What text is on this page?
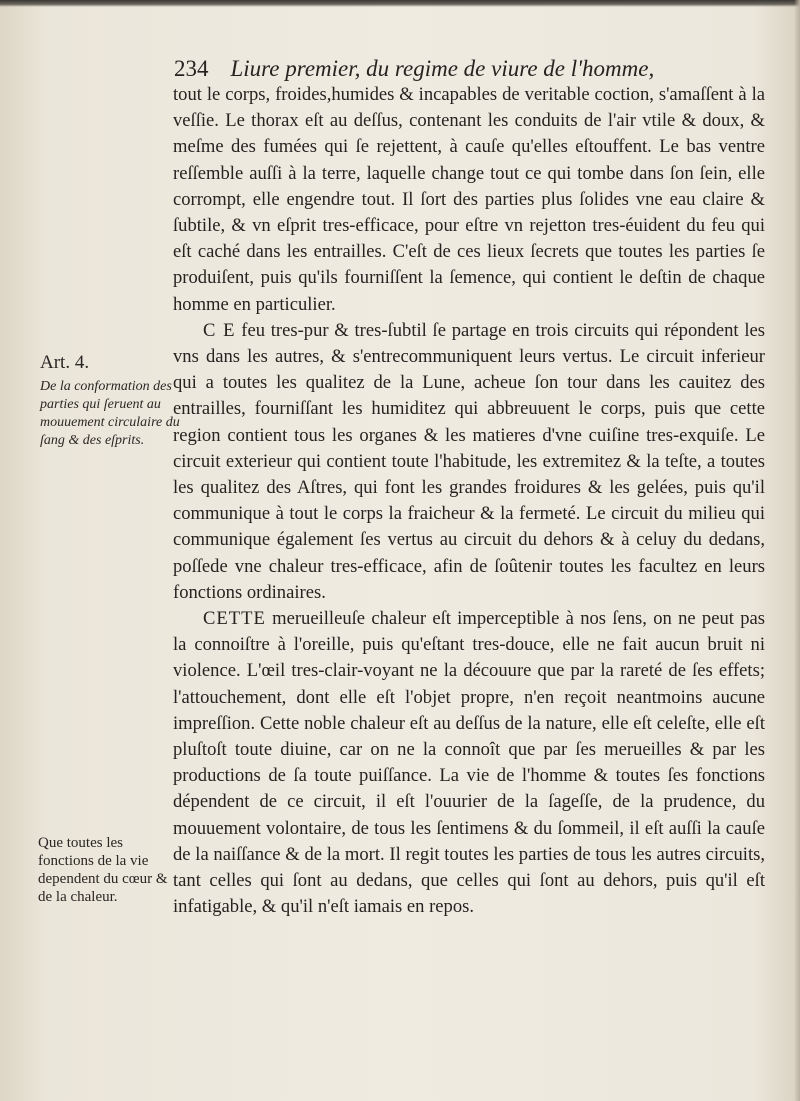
234 Liure premier, du regime de viure de l'homme,
Art. 4.
De la conformation des parties qui ſeruent au mouuement circulaire du ſang & des eſprits.
Que toutes les fonctions de la vie dependent du cœur & de la chaleur.

tout le corps, froides,humides & incapables de veritable coction, s'amaſſent à la veſſie. Le thorax eſt au deſſus, contenant les conduits de l'air vtile & doux, & meſme des fumées qui ſe rejettent, à cauſe qu'elles eſtouffent. Le bas ventre reſſemble auſſi à la terre, laquelle change tout ce qui tombe dans ſon ſein, elle corrompt, elle engendre tout. Il ſort des parties plus ſolides vne eau claire & ſubtile, & vn eſprit tres-efficace, pour eſtre vn rejetton tres-éuident du feu qui eſt caché dans les entrailles. C'eſt de ces lieux ſecrets que toutes les parties ſe produiſent, puis qu'ils fourniſſent la ſemence, qui contient le deſtin de chaque homme en particulier.

C E feu tres-pur & tres-ſubtil ſe partage en trois circuits qui répondent les vns dans les autres, & s'entrecommuniquent leurs vertus. Le circuit inferieur qui a toutes les qualitez de la Lune, acheue ſon tour dans les cauitez des entrailles, fourniſſant les humiditez qui abbreuuent le corps, puis que cette region contient tous les organes & les matieres d'vne cuiſine tres-exquiſe. Le circuit exterieur qui contient toute l'habitude, les extremitez & la teſte, a toutes les qualitez des Aſtres, qui font les grandes froidures & les gelées, puis qu'il communique à tout le corps la fraicheur & la fermeté. Le circuit du milieu qui communique également ſes vertus au circuit du dehors & à celuy du dedans, poſſede vne chaleur tres-efficace, afin de ſoûtenir toutes les facultez en leurs fonctions ordinaires.

CETTE merueilleuſe chaleur eſt imperceptible à nos ſens, on ne peut pas la connoiſtre à l'oreille, puis qu'eſtant tres-douce, elle ne fait aucun bruit ni violence. L'œil tres-clair-voyant ne la découure que par la rareté de ſes effets; l'attouchement, dont elle eſt l'objet propre, n'en reçoit neantmoins aucune impreſſion. Cette noble chaleur eſt au deſſus de la nature, elle eſt celeſte, elle eſt pluſtoſt toute diuine, car on ne la connoît que par ſes merueilles & par les productions de ſa toute puiſſance. La vie de l'homme & toutes ſes fonctions dépendent de ce circuit, il eſt l'ouurier de la ſageſſe, de la prudence, du mouuement volontaire, de tous les ſentimens & du ſommeil, il eſt auſſi la cauſe de la naiſſance & de la mort. Il regit toutes les parties de tous les autres circuits, tant celles qui ſont au dedans, que celles qui ſont au dehors, puis qu'il eſt infatigable, & qu'il n'eſt iamais en repos.
